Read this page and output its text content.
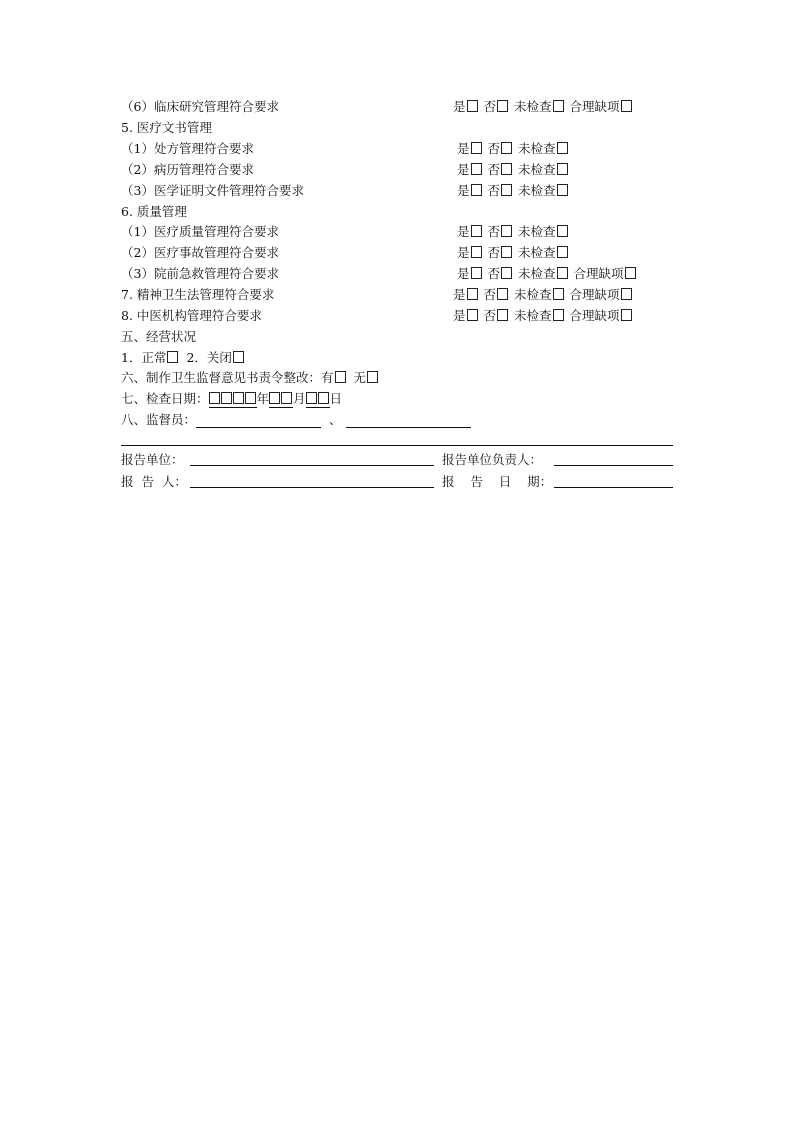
（6）临床研究管理符合要求	是 否 未检查 合理缺项
5. 医疗文书管理
（1）处方管理符合要求	是 否 未检查
（2）病历管理符合要求	是 否 未检查
（3）医学证明文件管理符合要求	是 否 未检查
6. 质量管理
（1）医疗质量管理符合要求	是 否 未检查
（2）医疗事故管理符合要求	是 否 未检查
（3）院前急救管理符合要求	是 否 未检查 合理缺项
7. 精神卫生法管理符合要求	是 否 未检查 合理缺项
8. 中医机构管理符合要求	是 否 未检查 合理缺项
五、经营状况
1．正常 2．关闭
六、制作卫生监督意见书责令整改：有 无
七、检查日期：	年 月 日
八、监督员：	、
报告单位：	报告单位负责人：
报  告  人：	报    告    日    期：
